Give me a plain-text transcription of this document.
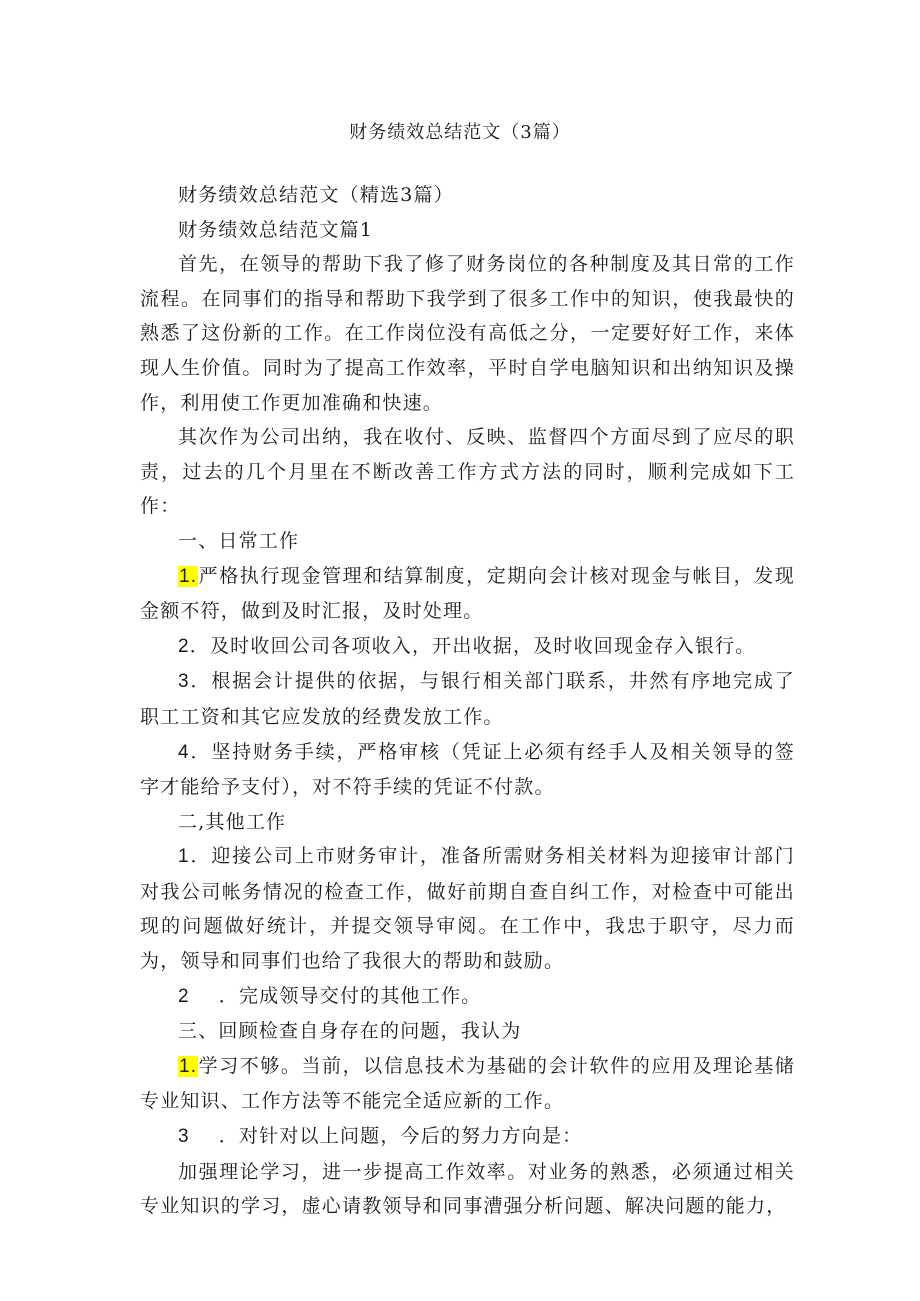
财务绩效总结范文（3篇）

财务绩效总结范文（精选3篇）

财务绩效总结范文篇1

首先，在领导的帮助下我了修了财务岗位的各种制度及其日常的工作流程。在同事们的指导和帮助下我学到了很多工作中的知识，使我最快的熟悉了这份新的工作。在工作岗位没有高低之分，一定要好好工作，来体现人生价值。同时为了提高工作效率，平时自学电脑知识和出纳知识及操作，利用使工作更加准确和快速。

其次作为公司出纳，我在收付、反映、监督四个方面尽到了应尽的职责，过去的几个月里在不断改善工作方式方法的同时，顺利完成如下工作：

一、日常工作

1.严格执行现金管理和结算制度，定期向会计核对现金与帐目，发现金额不符，做到及时汇报，及时处理。

2．及时收回公司各项收入，开出收据，及时收回现金存入银行。

3．根据会计提供的依据，与银行相关部门联系，井然有序地完成了职工工资和其它应发放的经费发放工作。

4．坚持财务手续，严格审核（凭证上必须有经手人及相关领导的签字才能给予支付），对不符手续的凭证不付款。

二,其他工作

1．迎接公司上市财务审计，准备所需财务相关材料为迎接审计部门对我公司帐务情况的检查工作，做好前期自查自纠工作，对检查中可能出现的问题做好统计，并提交领导审阅。在工作中，我忠于职守，尽力而为，领导和同事们也给了我很大的帮助和鼓励。

2 ．完成领导交付的其他工作。

三、回顾检查自身存在的问题，我认为

1.学习不够。当前，以信息技术为基础的会计软件的应用及理论基储专业知识、工作方法等不能完全适应新的工作。

3 ．对针对以上问题，今后的努力方向是：

加强理论学习，进一步提高工作效率。对业务的熟悉，必须通过相关专业知识的学习，虚心请教领导和同事漕强分析问题、解决问题的能力，
